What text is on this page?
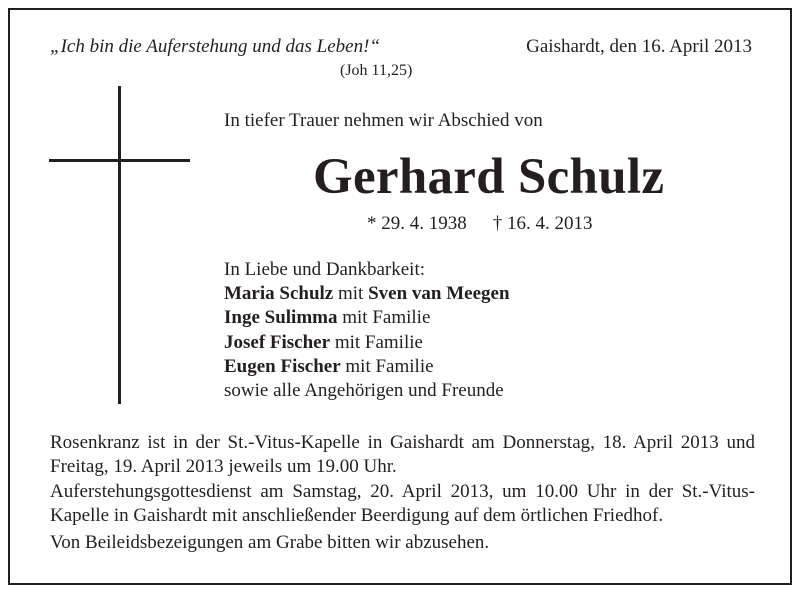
„Ich bin die Auferstehung und das Leben!“
(Joh 11,25)
Gaishardt, den 16. April 2013
In tiefer Trauer nehmen wir Abschied von
Gerhard Schulz
* 29. 4. 1938 † 16. 4. 2013
In Liebe und Dankbarkeit:
Maria Schulz mit Sven van Meegen
Inge Sulimma mit Familie
Josef Fischer mit Familie
Eugen Fischer mit Familie
sowie alle Angehörigen und Freunde

Rosenkranz ist in der St.-Vitus-Kapelle in Gaishardt am Donnerstag, 18. April 2013 und Freitag, 19. April 2013 jeweils um 19.00 Uhr.

Auferstehungsgottesdienst am Samstag, 20. April 2013, um 10.00 Uhr in der St.-Vitus-Kapelle in Gaishardt mit anschließender Beerdigung auf dem örtlichen Friedhof.

Von Beileidsbezeigungen am Grabe bitten wir abzusehen.
